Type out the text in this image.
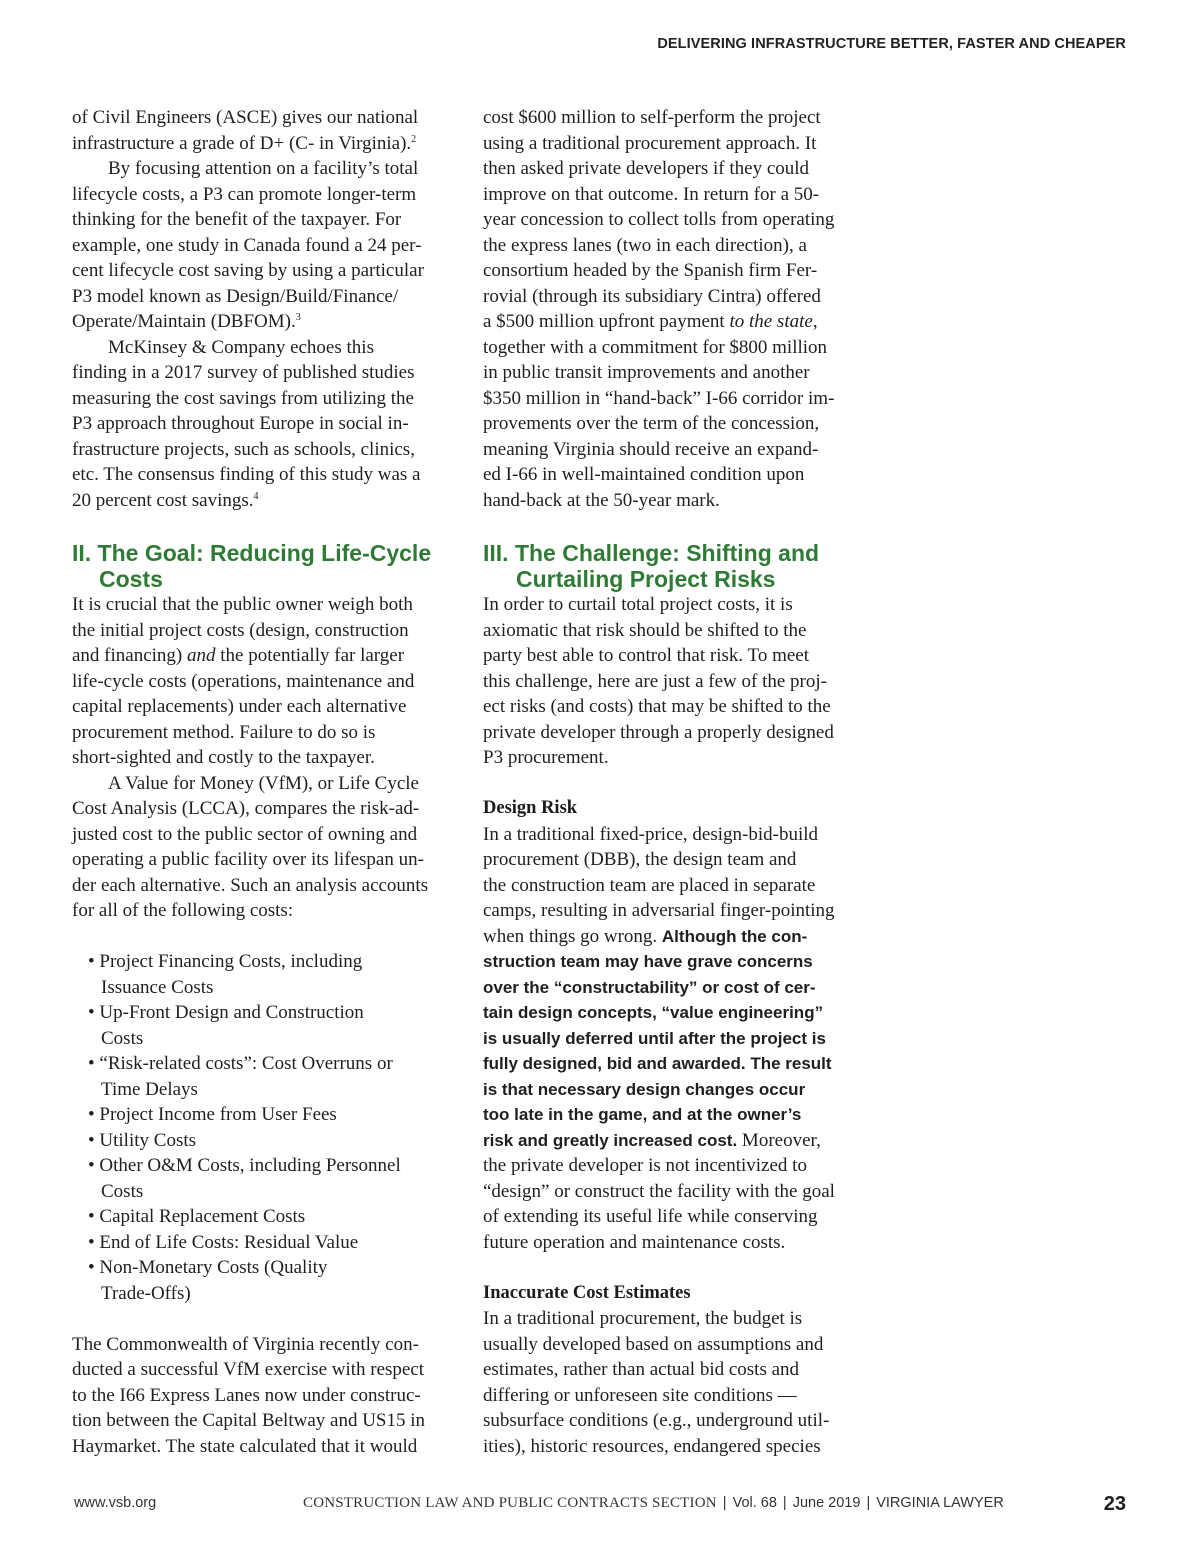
DELIVERING INFRASTRUCTURE BETTER, FASTER AND CHEAPER

of Civil Engineers (ASCE) gives our national

infrastructure a grade of D+ (C- in Virginia).$^2$

By focusing attention on a facility’s total

lifecycle costs, a P3 can promote longer-term

thinking for the benefit of the taxpayer. For

example, one study in Canada found a 24 per-

cent lifecycle cost saving by using a particular

P3 model known as Design/Build/Finance/

Operate/Maintain (DBFOM).$^3$

McKinsey & Company echoes this

finding in a 2017 survey of published studies

measuring the cost savings from utilizing the

P3 approach throughout Europe in social in-

frastructure projects, such as schools, clinics,

etc. The consensus finding of this study was a

20 percent cost savings.$^4$

II. The Goal: Reducing Life-Cycle

Costs

It is crucial that the public owner weigh both

the initial project costs (design, construction

and financing) and the potentially far larger

life-cycle costs (operations, maintenance and

capital replacements) under each alternative

procurement method. Failure to do so is

short-sighted and costly to the taxpayer.

A Value for Money (VfM), or Life Cycle

Cost Analysis (LCCA), compares the risk-ad-

justed cost to the public sector of owning and

operating a public facility over its lifespan un-

der each alternative. Such an analysis accounts

for all of the following costs:

• Project Financing Costs, including

Issuance Costs

• Up-Front Design and Construction

Costs

• “Risk-related costs”: Cost Overruns or

Time Delays

• Project Income from User Fees

• Utility Costs

• Other O&M Costs, including Personnel

Costs

• Capital Replacement Costs

• End of Life Costs: Residual Value

• Non-Monetary Costs (Quality

Trade-Offs)

The Commonwealth of Virginia recently con-

ducted a successful VfM exercise with respect

to the I66 Express Lanes now under construc-

tion between the Capital Beltway and US15 in

Haymarket. The state calculated that it would

cost $600 million to self-perform the project

using a traditional procurement approach. It

then asked private developers if they could

improve on that outcome. In return for a 50-

year concession to collect tolls from operating

the express lanes (two in each direction), a

consortium headed by the Spanish firm Fer-

rovial (through its subsidiary Cintra) offered

a $500 million upfront payment to the state,

together with a commitment for $800 million

in public transit improvements and another

$350 million in “hand-back” I-66 corridor im-

provements over the term of the concession,

meaning Virginia should receive an expand-

ed I-66 in well-maintained condition upon

hand-back at the 50-year mark.

III. The Challenge: Shifting and

Curtailing Project Risks

In order to curtail total project costs, it is

axiomatic that risk should be shifted to the

party best able to control that risk. To meet

this challenge, here are just a few of the proj-

ect risks (and costs) that may be shifted to the

private developer through a properly designed

P3 procurement.

Design Risk

In a traditional fixed-price, design-bid-build

procurement (DBB), the design team and

the construction team are placed in separate

camps, resulting in adversarial finger-pointing

when things go wrong. Although the con-

struction team may have grave concerns

over the “constructability” or cost of cer-

tain design concepts, “value engineering”

is usually deferred until after the project is

fully designed, bid and awarded. The result

is that necessary design changes occur

too late in the game, and at the owner’s

risk and greatly increased cost. Moreover,

the private developer is not incentivized to

“design” or construct the facility with the goal

of extending its useful life while conserving

future operation and maintenance costs.

Inaccurate Cost Estimates

In a traditional procurement, the budget is

usually developed based on assumptions and

estimates, rather than actual bid costs and

differing or unforeseen site conditions —

subsurface conditions (e.g., underground util-

ities), historic resources, endangered species

www.vsb.org	CONSTRUCTION LAW AND PUBLIC CONTRACTS SECTION | Vol. 68 | June 2019 | VIRGINIA LAWYER	23
